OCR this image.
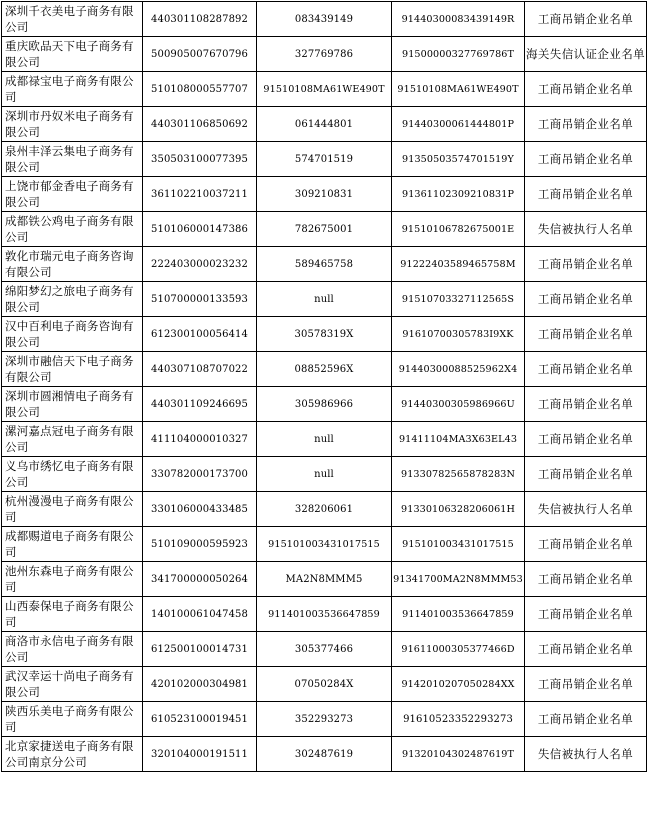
深圳千衣美电子商务有限公司	440301108287892	083439149	91440300083439149R	工商吊销企业名单
重庆欧品天下电子商务有限公司	500905007670796	327769786	91500000327769786T	海关失信认证企业名单
成都禄宝电子商务有限公司	510108000557707	91510108MA61WE490T	91510108MA61WE490T	工商吊销企业名单
深圳市丹奴米电子商务有限公司	440301106850692	061444801	91440300061444801P	工商吊销企业名单
泉州丰泽云集电子商务有限公司	350503100077395	574701519	91350503574701519Y	工商吊销企业名单
上饶市郁金香电子商务有限公司	361102210037211	309210831	91361102309210831P	工商吊销企业名单
成都铁公鸡电子商务有限公司	510106000147386	782675001	91510106782675001E	失信被执行人名单
敦化市瑞元电子商务咨询有限公司	222403000023232	589465758	91222403589465758M	工商吊销企业名单
绵阳梦幻之旅电子商务有限公司	510700000133593	null	91510703327112565S	工商吊销企业名单
汉中百利电子商务咨询有限公司	612300100056414	30578319X	91610700305783I9XK	工商吊销企业名单
深圳市融信天下电子商务有限公司	440307108707022	08852596X	91440300088525962X4	工商吊销企业名单
深圳市圆湘情电子商务有限公司	440301109246695	305986966	91440300305986966U	工商吊销企业名单
漯河嘉点冠电子商务有限公司	411104000010327	null	91411104MA3X63EL43	工商吊销企业名单
义乌市绣忆电子商务有限公司	330782000173700	null	91330782565878283N	工商吊销企业名单
杭州漫漫电子商务有限公司	330106000433485	328206061	91330106328206061H	失信被执行人名单
成都赐道电子商务有限公司	510109000595923	915101003431017515	915101003431017515	工商吊销企业名单
池州东森电子商务有限公司	341700000050264	MA2N8MMM5	91341700MA2N8MMM53	工商吊销企业名单
山西泰保电子商务有限公司	140100061047458	911401003536647859	911401003536647859	工商吊销企业名单
商洛市永信电子商务有限公司	612500100014731	305377466	91611000305377466D	工商吊销企业名单
武汉幸运十尚电子商务有限公司	420102000304981	07050284X	9142010207050284XX	工商吊销企业名单
陕西乐美电子商务有限公司	610523100019451	352293273	91610523352293273	工商吊销企业名单
北京家捷送电子商务有限公司南京分公司	320104000191511	302487619	91320104302487619T	失信被执行人名单
